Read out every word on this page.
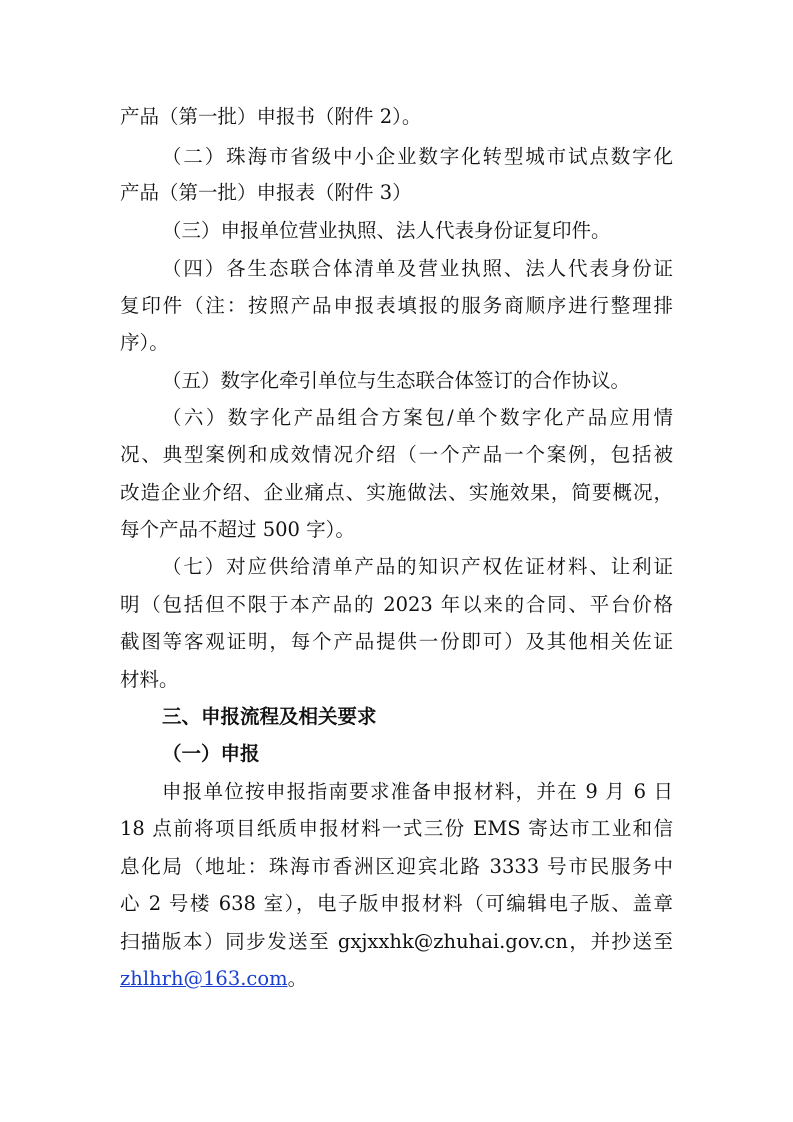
产品（第一批）申报书（附件 2）。
（二）珠海市省级中小企业数字化转型城市试点数字化
产品（第一批）申报表（附件 3）
（三）申报单位营业执照、法人代表身份证复印件。
（四）各生态联合体清单及营业执照、法人代表身份证
复印件（注：按照产品申报表填报的服务商顺序进行整理排
序）。
（五）数字化牵引单位与生态联合体签订的合作协议。
（六）数字化产品组合方案包/单个数字化产品应用情
况、典型案例和成效情况介绍（一个产品一个案例，包括被
改造企业介绍、企业痛点、实施做法、实施效果，简要概况，
每个产品不超过 500 字）。
（七）对应供给清单产品的知识产权佐证材料、让利证
明（包括但不限于本产品的 2023 年以来的合同、平台价格
截图等客观证明，每个产品提供一份即可）及其他相关佐证
材料。
三、申报流程及相关要求
（一）申报
申报单位按申报指南要求准备申报材料，并在 9 月 6 日
18 点前将项目纸质申报材料一式三份 EMS 寄达市工业和信
息化局（地址：珠海市香洲区迎宾北路 3333 号市民服务中
心 2 号楼 638 室），电子版申报材料（可编辑电子版、盖章
扫描版本）同步发送至 gxjxxhk@zhuhai.gov.cn，并抄送至
zhlhrh@163.com。
